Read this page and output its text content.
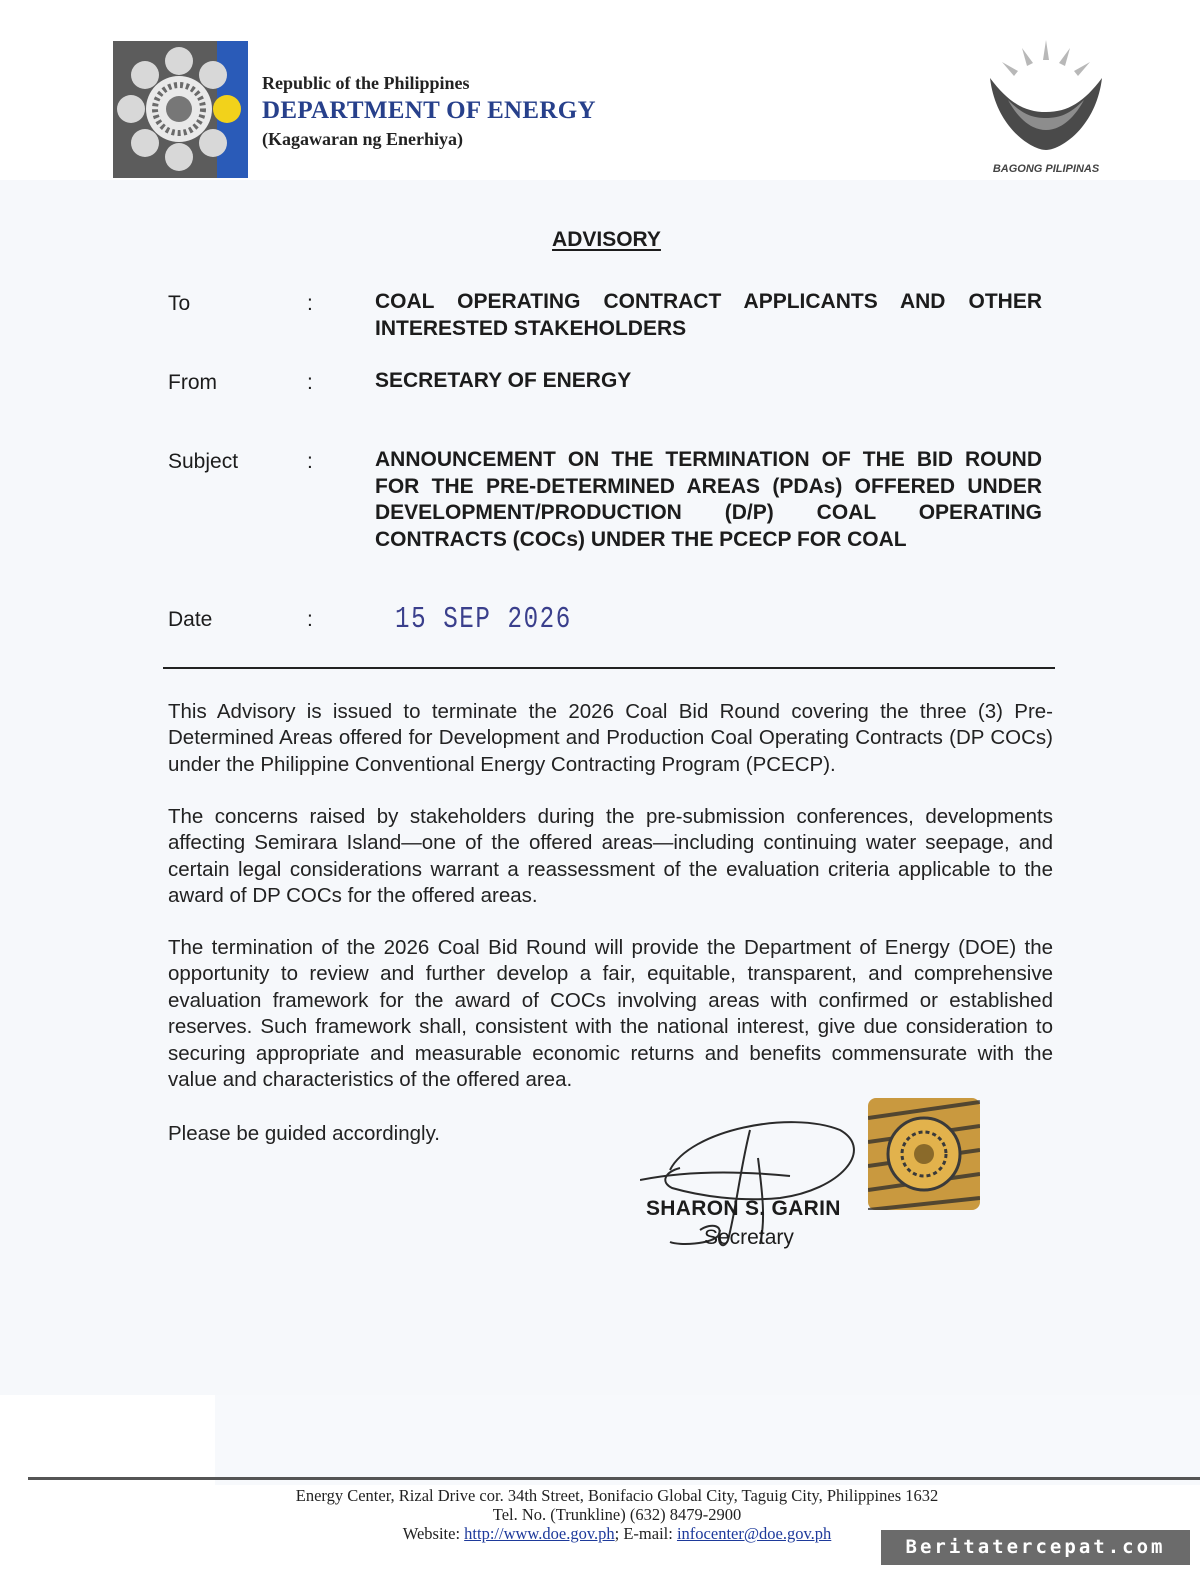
Republic of the Philippines
DEPARTMENT OF ENERGY
(Kagawaran ng Enerhiya)
BAGONG PILIPINAS
ADVISORY
To	:	COAL OPERATING CONTRACT APPLICANTS AND OTHER INTERESTED STAKEHOLDERS
From	:	SECRETARY OF ENERGY
Subject	:	ANNOUNCEMENT ON THE TERMINATION OF THE BID ROUND FOR THE PRE-DETERMINED AREAS (PDAs) OFFERED UNDER DEVELOPMENT/PRODUCTION (D/P) COAL OPERATING CONTRACTS (COCs) UNDER THE PCECP FOR COAL
Date	:	15 SEP 2026
This Advisory is issued to terminate the 2026 Coal Bid Round covering the three (3) Pre-Determined Areas offered for Development and Production Coal Operating Contracts (DP COCs) under the Philippine Conventional Energy Contracting Program (PCECP).
The concerns raised by stakeholders during the pre-submission conferences, developments affecting Semirara Island—one of the offered areas—including continuing water seepage, and certain legal considerations warrant a reassessment of the evaluation criteria applicable to the award of DP COCs for the offered areas.
The termination of the 2026 Coal Bid Round will provide the Department of Energy (DOE) the opportunity to review and further develop a fair, equitable, transparent, and comprehensive evaluation framework for the award of COCs involving areas with confirmed or established reserves. Such framework shall, consistent with the national interest, give due consideration to securing appropriate and measurable economic returns and benefits commensurate with the value and characteristics of the offered area.
Please be guided accordingly.
SHARON S. GARIN
Secretary
Energy Center, Rizal Drive cor. 34th Street, Bonifacio Global City, Taguig City, Philippines 1632
Tel. No. (Trunkline) (632) 8479-2900
Website: http://www.doe.gov.ph; E-mail: infocenter@doe.gov.ph
Beritatercepat.com
